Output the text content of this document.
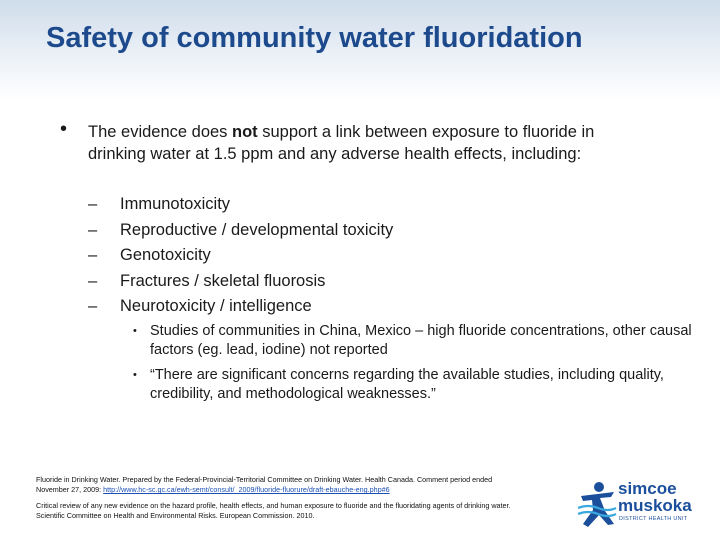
Safety of community water fluoridation
• The evidence does not support a link between exposure to fluoride in drinking water at 1.5 ppm and any adverse health effects, including:
– Immunotoxicity
– Reproductive / developmental toxicity
– Genotoxicity
– Fractures / skeletal fluorosis
– Neurotoxicity / intelligence
• Studies of communities in China, Mexico – high fluoride concentrations, other causal factors (eg. lead, iodine) not reported
• “There are significant concerns regarding the available studies, including quality, credibility, and methodological weaknesses.”
Fluoride in Drinking Water. Prepared by the Federal-Provincial-Territorial Committee on Drinking Water. Health Canada. Comment period ended November 27, 2009: http://www.hc-sc.gc.ca/ewh-semt/consult/_2009/fluoride-fluorure/draft-ebauche-eng.php#6
Critical review of any new evidence on the hazard profile, health effects, and human exposure to fluoride and the fluoridating agents of drinking water. Scientific Committee on Health and Environmental Risks. European Commission. 2010.
simcoe
muskoka
DISTRICT HEALTH UNIT
